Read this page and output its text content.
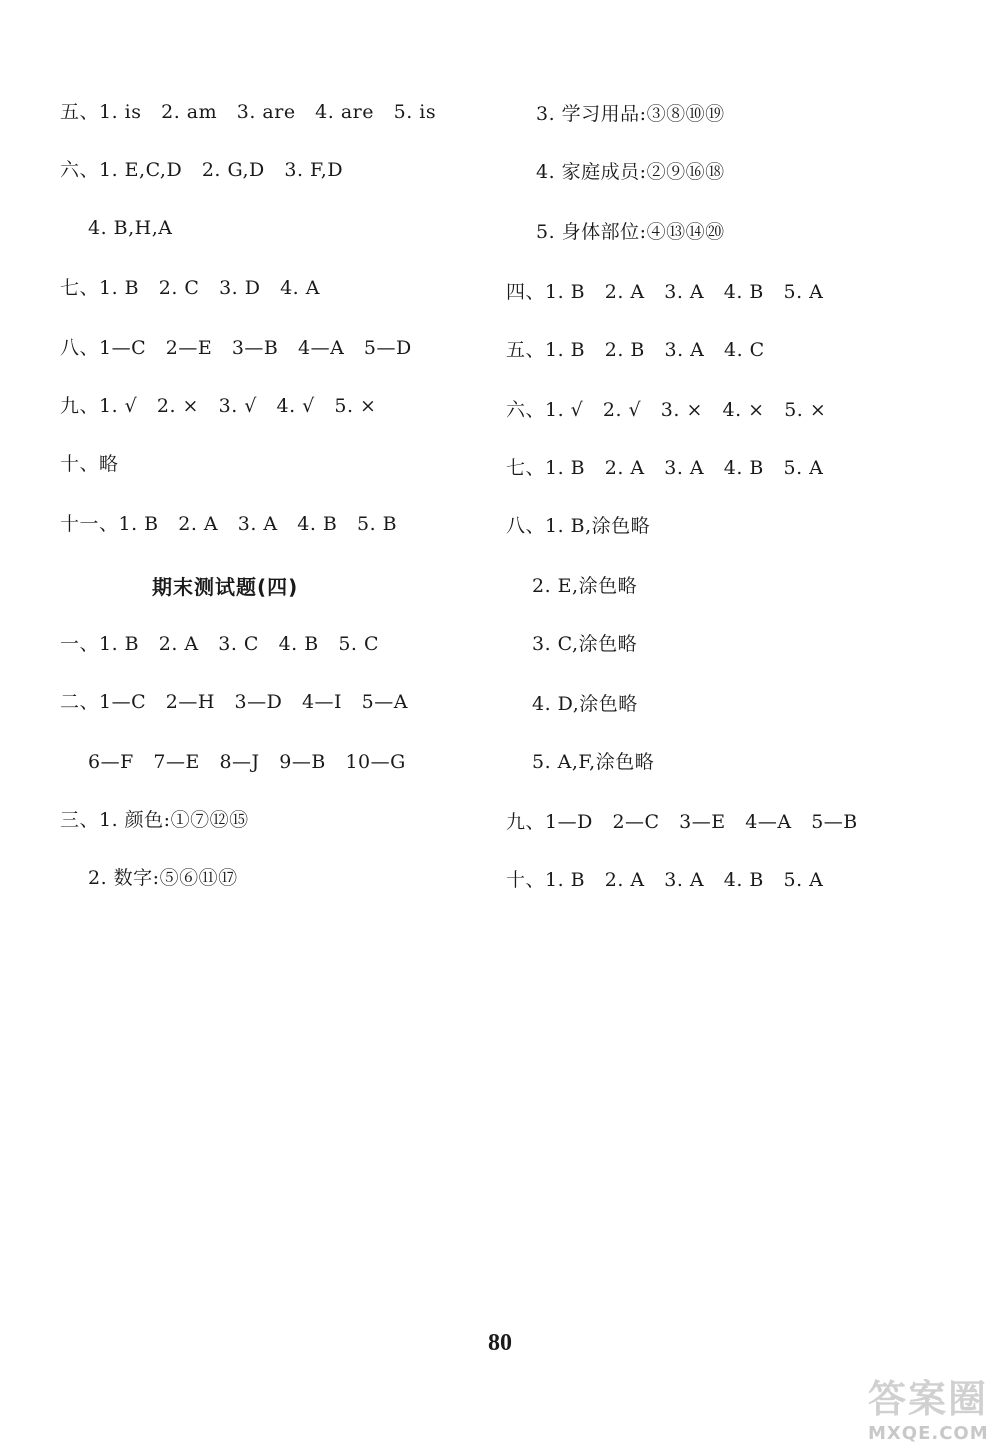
五、1. is   2. am   3. are   4. are   5. is
六、1. E,C,D   2. G,D   3. F,D
4. B,H,A
七、1. B   2. C   3. D   4. A
八、1—C   2—E   3—B   4—A   5—D
九、1. √   2. ×   3. √   4. √   5. ×
十、略
十一、1. B   2. A   3. A   4. B   5. B
期末测试题(四)
一、1. B   2. A   3. C   4. B   5. C
二、1—C   2—H   3—D   4—I   5—A
6—F   7—E   8—J   9—B   10—G
三、1. 颜色:①⑦⑫⑮
2. 数字:⑤⑥⑪⑰
3. 学习用品:③⑧⑩⑲
4. 家庭成员:②⑨⑯⑱
5. 身体部位:④⑬⑭⑳
四、1. B   2. A   3. A   4. B   5. A
五、1. B   2. B   3. A   4. C
六、1. √   2. √   3. ×   4. ×   5. ×
七、1. B   2. A   3. A   4. B   5. A
八、1. B,涂色略
2. E,涂色略
3. C,涂色略
4. D,涂色略
5. A,F,涂色略
九、1—D   2—C   3—E   4—A   5—B
十、1. B   2. A   3. A   4. B   5. A
80
答案圈
MXQE.COM
